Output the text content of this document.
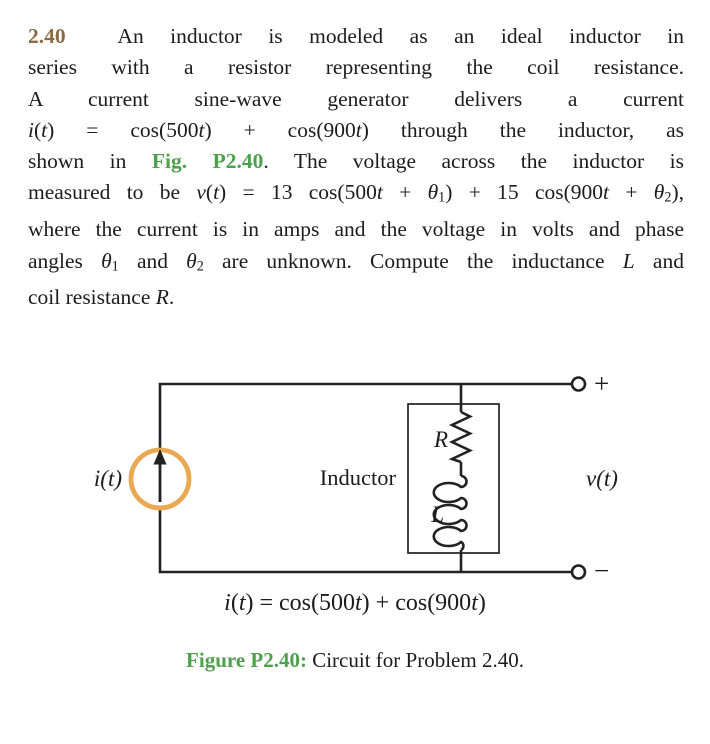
2.40  An inductor is modeled as an ideal inductor in
series with a resistor representing the coil resistance.
A current sine-wave generator delivers a current
i(t) = cos(500t) + cos(900t) through the inductor, as
shown in Fig. P2.40. The voltage across the inductor is
measured to be v(t) = 13 cos(500t + θ1) + 15 cos(900t + θ2),
where the current is in amps and the voltage in volts and phase
angles θ1 and θ2 are unknown. Compute the inductance L and
coil resistance R.
+
−
i(t)	Inductor
R
L
v(t)
i(t) = cos(500t) + cos(900t)
Figure P2.40: Circuit for Problem 2.40.
